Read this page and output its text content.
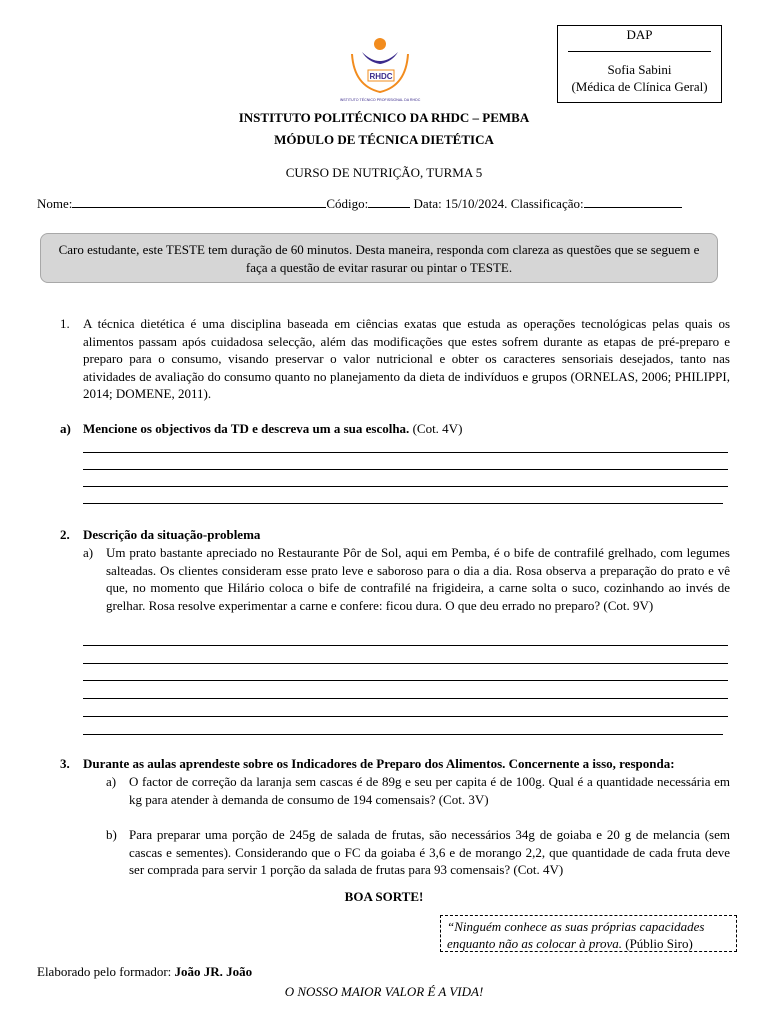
DAP
Sofia Sabini
(Médica de Clínica Geral)
RHDC
INSTITUTO TÉCNICO PROFISSIONAL DA RHDC
INSTITUTO POLITÉCNICO DA RHDC – PEMBA
MÓDULO DE TÉCNICA DIETÉTICA
CURSO DE NUTRIÇÃO, TURMA 5
Nome:	Código:	Data: 15/10/2024. Classificação:
Caro estudante, este TESTE tem duração de 60 minutos. Desta maneira, responda com clareza as questões que se seguem e faça a questão de evitar rasurar ou pintar o TESTE.
1. A técnica dietética é uma disciplina baseada em ciências exatas que estuda as operações tecnológicas pelas quais os alimentos passam após cuidadosa selecção, além das modificações que estes sofrem durante as etapas de pré-preparo e preparo para o consumo, visando preservar o valor nutricional e obter os caracteres sensoriais desejados, tanto nas atividades de avaliação do consumo quanto no planejamento da dieta de indivíduos e grupos (ORNELAS, 2006; PHILIPPI, 2014; DOMENE, 2011).
a) Mencione os objectivos da TD e descreva um a sua escolha. (Cot. 4V)
2. Descrição da situação-problema
a) Um prato bastante apreciado no Restaurante Pôr de Sol, aqui em Pemba, é o bife de contrafilé grelhado, com legumes salteadas. Os clientes consideram esse prato leve e saboroso para o dia a dia. Rosa observa a preparação do prato e vê que, no momento que Hilário coloca o bife de contrafilé na frigideira, a carne solta o suco, cozinhando ao invés de grelhar. Rosa resolve experimentar a carne e confere: ficou dura. O que deu errado no preparo? (Cot. 9V)
3. Durante as aulas aprendeste sobre os Indicadores de Preparo dos Alimentos. Concernente a isso, responda:
a) O factor de correção da laranja sem cascas é de 89g e seu per capita é de 100g. Qual é a quantidade necessária em kg para atender à demanda de consumo de 194 comensais? (Cot. 3V)
b) Para preparar uma porção de 245g de salada de frutas, são necessários 34g de goiaba e 20 g de melancia (sem cascas e sementes). Considerando que o FC da goiaba é 3,6 e de morango 2,2, que quantidade de cada fruta deve ser comprada para servir 1 porção da salada de frutas para 93 comensais? (Cot. 4V)
BOA SORTE!
“Ninguém conhece as suas próprias capacidades enquanto não as colocar à prova. (Públio Siro)
Elaborado pelo formador: João JR. João
O NOSSO MAIOR VALOR É A VIDA!
